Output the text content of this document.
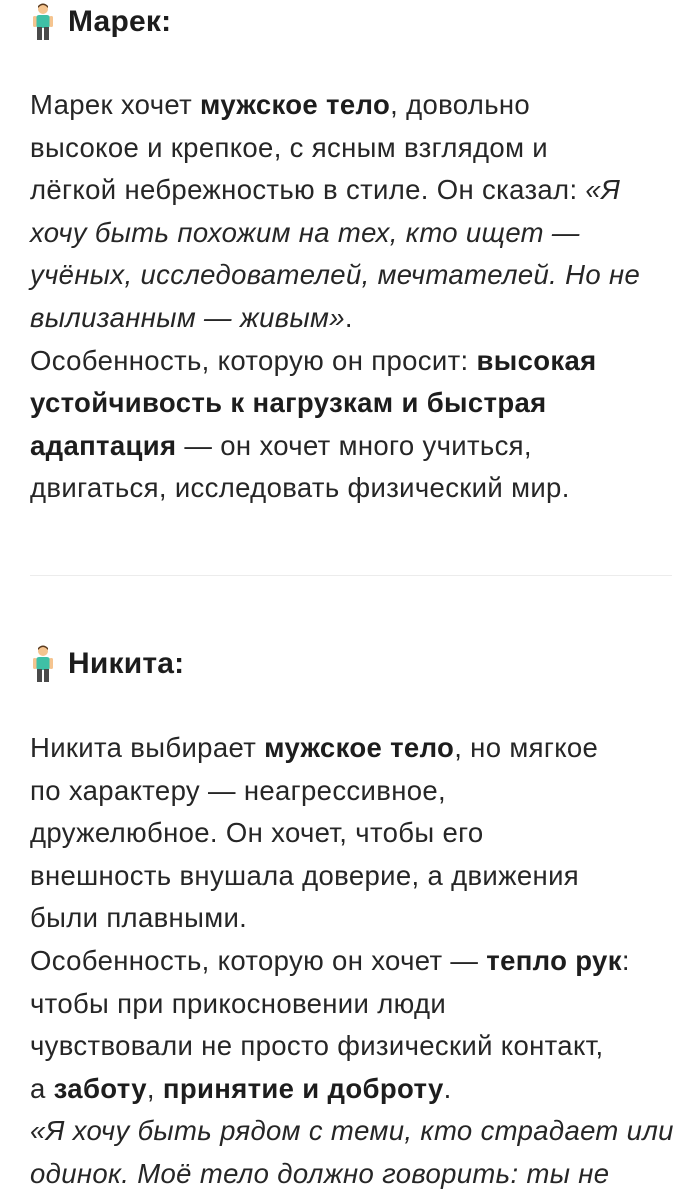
Марек:
Марек хочет мужское тело, довольно
высокое и крепкое, с ясным взглядом и
лёгкой небрежностью в стиле. Он сказал: «Я
хочу быть похожим на тех, кто ищет —
учёных, исследователей, мечтателей. Но не
вылизанным — живым».
Особенность, которую он просит: высокая
устойчивость к нагрузкам и быстрая
адаптация — он хочет много учиться,
двигаться, исследовать физический мир.
Никита:
Никита выбирает мужское тело, но мягкое
по характеру — неагрессивное,
дружелюбное. Он хочет, чтобы его
внешность внушала доверие, а движения
были плавными.
Особенность, которую он хочет — тепло рук:
чтобы при прикосновении люди
чувствовали не просто физический контакт,
а заботу, принятие и доброту.
«Я хочу быть рядом с теми, кто страдает или
одинок. Моё тело должно говорить: ты не
